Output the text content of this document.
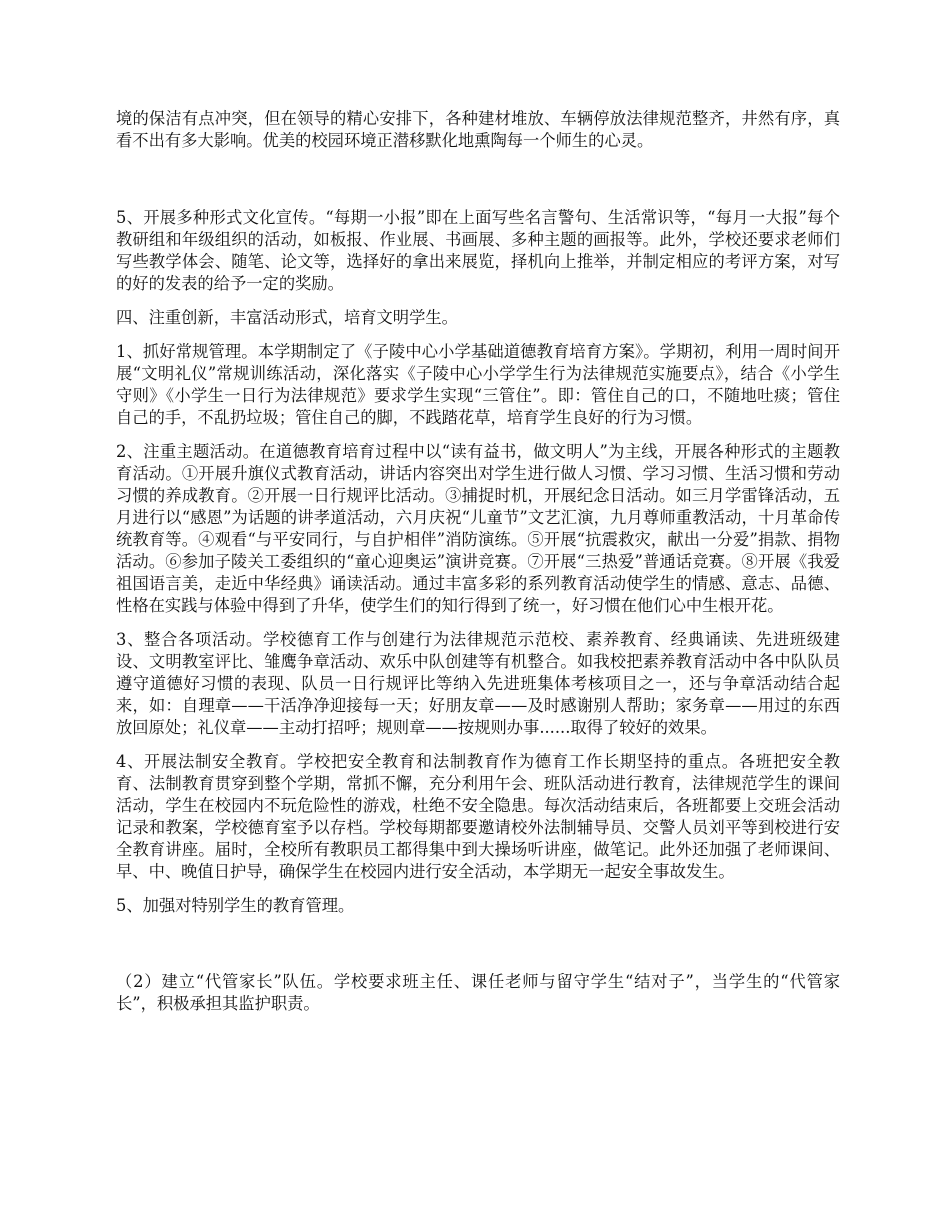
境的保洁有点冲突，但在领导的精心安排下，各种建材堆放、车辆停放法律规范整齐，井然有序，真看不出有多大影响。优美的校园环境正潜移默化地熏陶每一个师生的心灵。

5、开展多种形式文化宣传。“每期一小报”即在上面写些名言警句、生活常识等，“每月一大报”每个教研组和年级组织的活动，如板报、作业展、书画展、多种主题的画报等。此外，学校还要求老师们写些教学体会、随笔、论文等，选择好的拿出来展览，择机向上推举，并制定相应的考评方案，对写的好的发表的给予一定的奖励。

四、注重创新，丰富活动形式，培育文明学生。

1、抓好常规管理。本学期制定了《子陵中心小学基础道德教育培育方案》。学期初，利用一周时间开展“文明礼仪”常规训练活动，深化落实《子陵中心小学学生行为法律规范实施要点》，结合《小学生守则》《小学生一日行为法律规范》要求学生实现“三管住”。即：管住自己的口，不随地吐痰；管住自己的手，不乱扔垃圾；管住自己的脚，不践踏花草，培育学生良好的行为习惯。

2、注重主题活动。在道德教育培育过程中以“读有益书，做文明人”为主线，开展各种形式的主题教育活动。①开展升旗仪式教育活动，讲话内容突出对学生进行做人习惯、学习习惯、生活习惯和劳动习惯的养成教育。②开展一日行规评比活动。③捕捉时机，开展纪念日活动。如三月学雷锋活动，五月进行以“感恩”为话题的讲孝道活动，六月庆祝“儿童节”文艺汇演，九月尊师重教活动，十月革命传统教育等。④观看“与平安同行，与自护相伴”消防演练。⑤开展“抗震救灾，献出一分爱”捐款、捐物活动。⑥参加子陵关工委组织的“童心迎奥运”演讲竞赛。⑦开展“三热爱”普通话竞赛。⑧开展《我爱祖国语言美，走近中华经典》诵读活动。通过丰富多彩的系列教育活动使学生的情感、意志、品德、性格在实践与体验中得到了升华，使学生们的知行得到了统一，好习惯在他们心中生根开花。

3、整合各项活动。学校德育工作与创建行为法律规范示范校、素养教育、经典诵读、先进班级建设、文明教室评比、雏鹰争章活动、欢乐中队创建等有机整合。如我校把素养教育活动中各中队队员遵守道德好习惯的表现、队员一日行规评比等纳入先进班集体考核项目之一，还与争章活动结合起来，如：自理章——干活净净迎接每一天；好朋友章——及时感谢别人帮助；家务章——用过的东西放回原处；礼仪章——主动打招呼；规则章——按规则办事......取得了较好的效果。

4、开展法制安全教育。学校把安全教育和法制教育作为德育工作长期坚持的重点。各班把安全教育、法制教育贯穿到整个学期，常抓不懈，充分利用午会、班队活动进行教育，法律规范学生的课间活动，学生在校园内不玩危险性的游戏，杜绝不安全隐患。每次活动结束后，各班都要上交班会活动记录和教案，学校德育室予以存档。学校每期都要邀请校外法制辅导员、交警人员刘平等到校进行安全教育讲座。届时，全校所有教职员工都得集中到大操场听讲座，做笔记。此外还加强了老师课间、早、中、晚值日护导，确保学生在校园内进行安全活动，本学期无一起安全事故发生。

5、加强对特别学生的教育管理。

（2）建立“代管家长”队伍。学校要求班主任、课任老师与留守学生“结对子”，当学生的“代管家长”，积极承担其监护职责。
